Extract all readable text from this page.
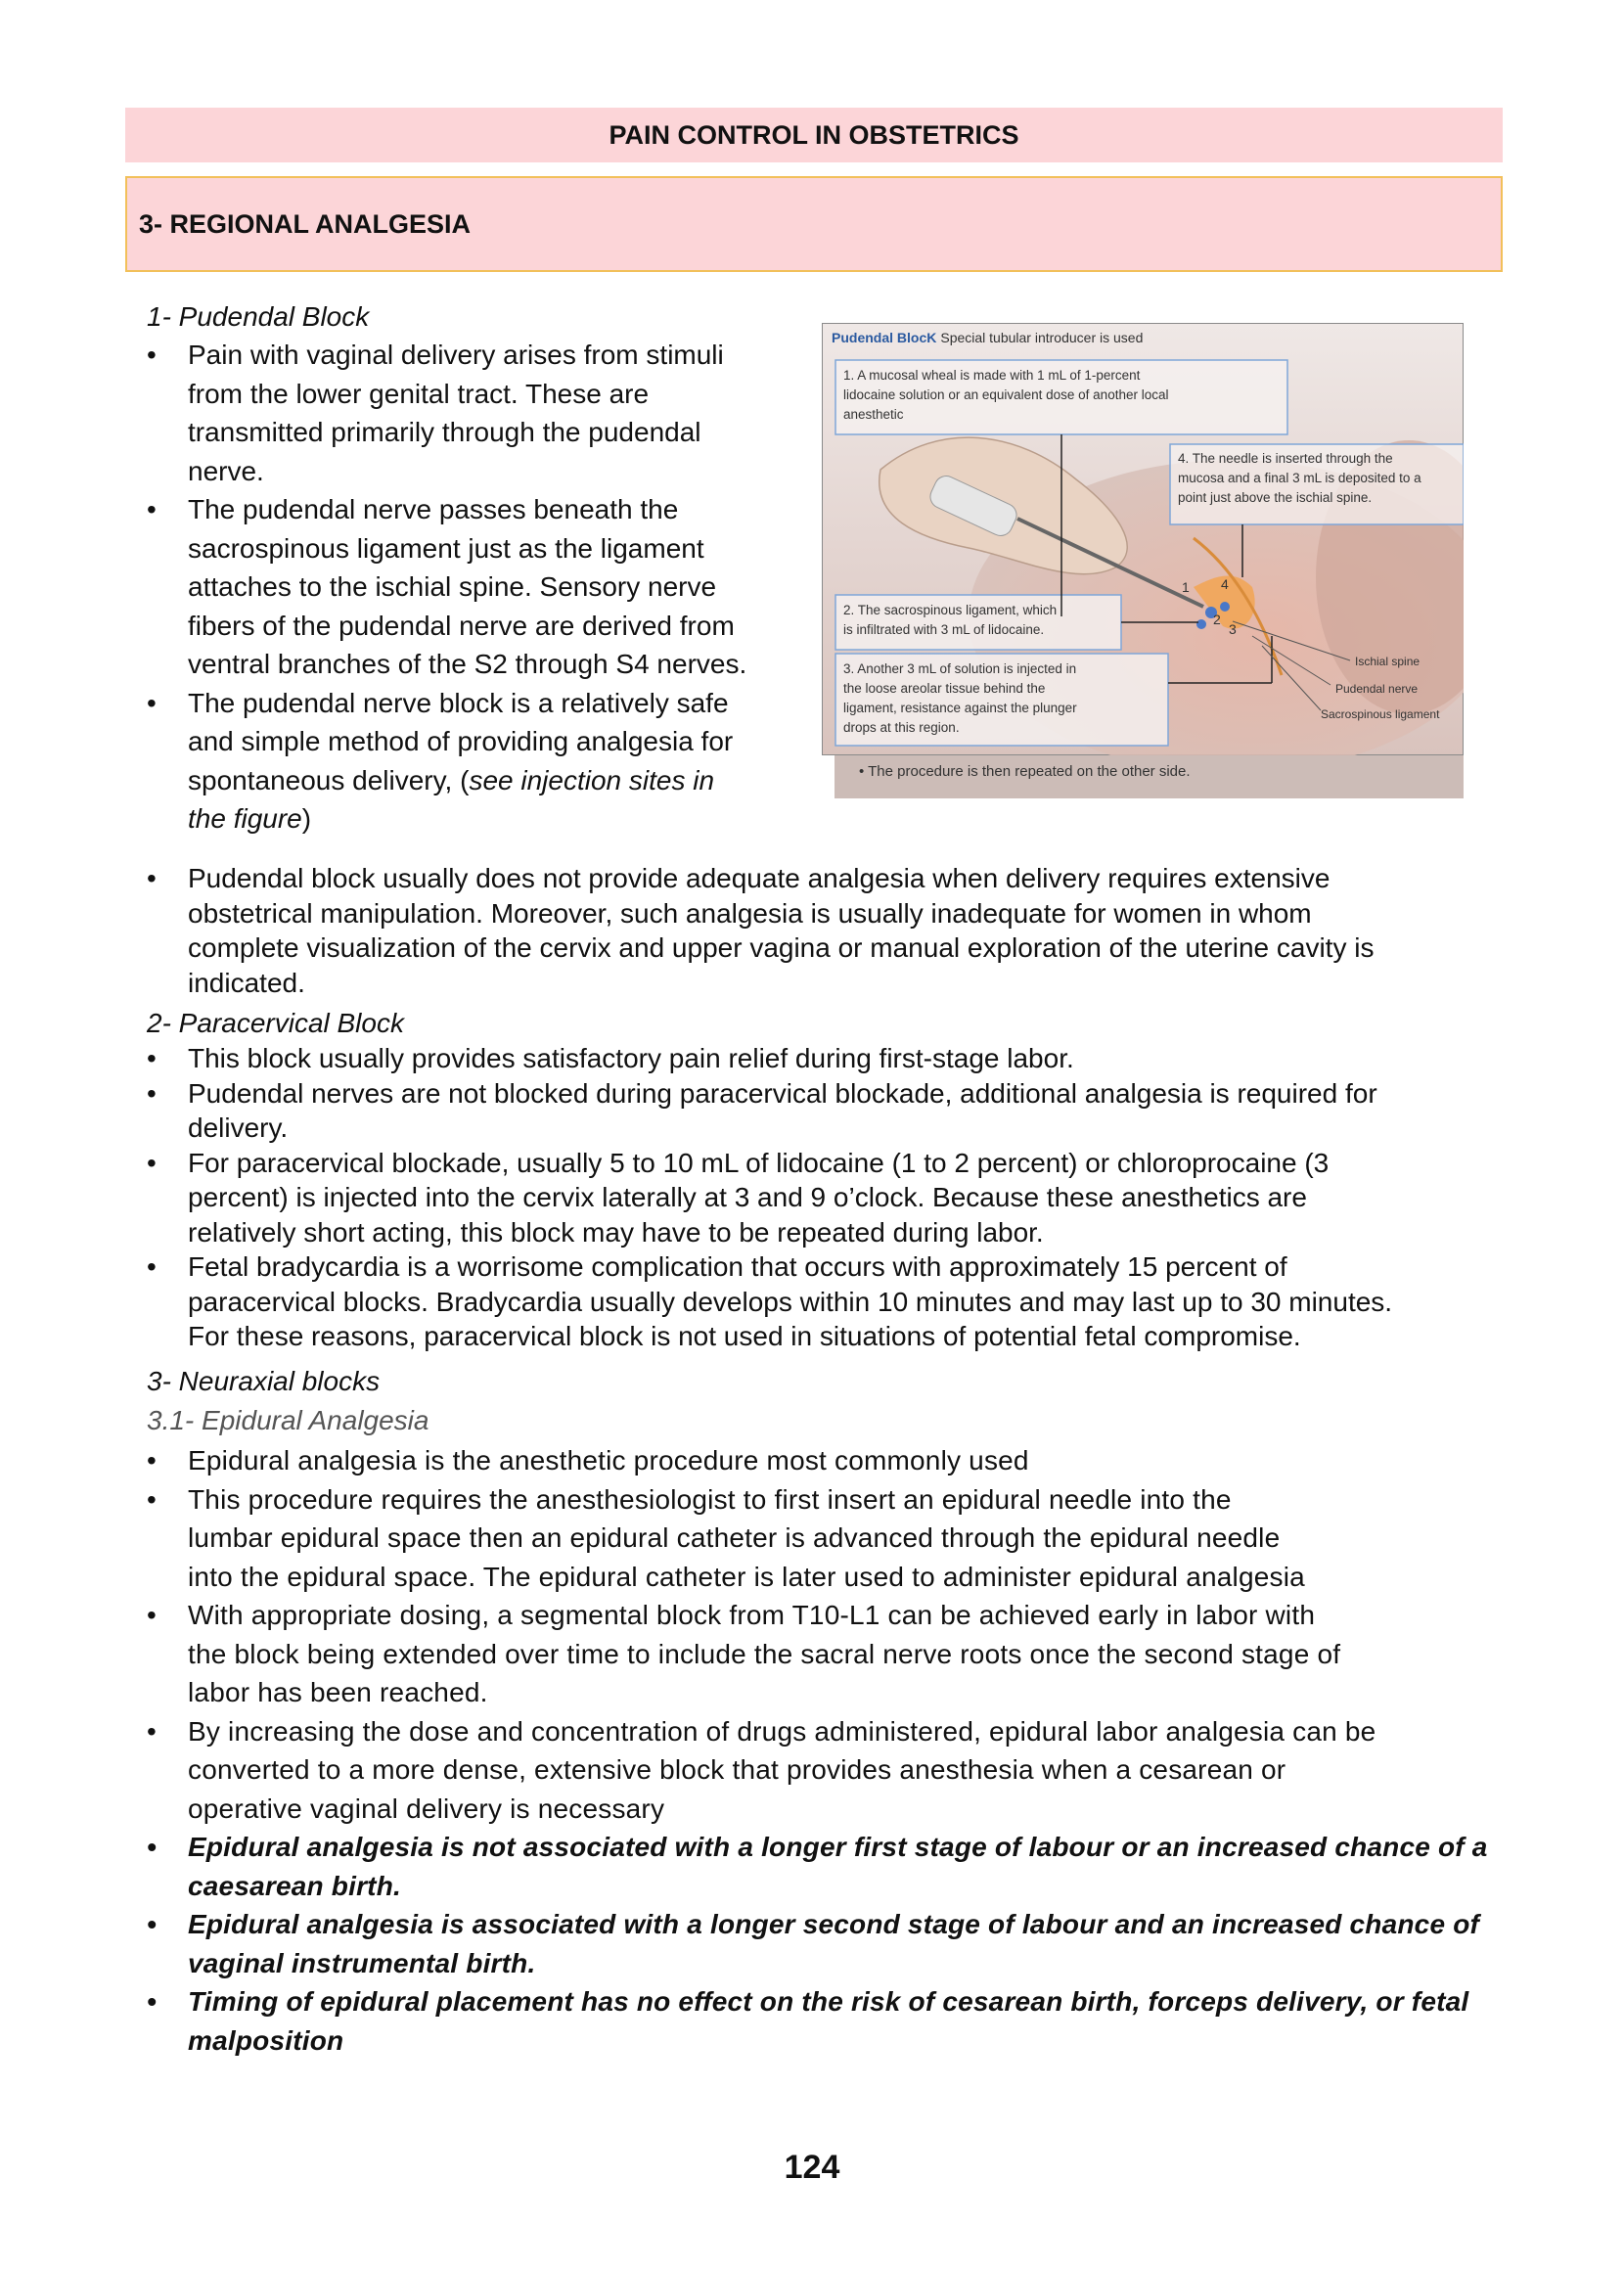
PAIN CONTROL IN OBSTETRICS
3- REGIONAL ANALGESIA
1- Pudendal Block
• Pain with vaginal delivery arises from stimuli
from the lower genital tract. These are
transmitted primarily through the pudendal
nerve.
• The pudendal nerve passes beneath the
sacrospinous ligament just as the ligament
attaches to the ischial spine. Sensory nerve
fibers of the pudendal nerve are derived from
ventral branches of the S2 through S4 nerves.
• The pudendal nerve block is a relatively safe
and simple method of providing analgesia for
spontaneous delivery, (see injection sites in
the figure)
• Pudendal block usually does not provide adequate analgesia when delivery requires extensive
obstetrical manipulation. Moreover, such analgesia is usually inadequate for women in whom
complete visualization of the cervix and upper vagina or manual exploration of the uterine cavity is
indicated.
Pudendal BlocK Special tubular introducer is used
1. A mucosal wheal is made with 1 mL of 1-percent lidocaine solution or an equivalent dose of another local anesthetic
4. The needle is inserted through the mucosa and a final 3 mL is deposited to a point just above the ischial spine.
2. The sacrospinous ligament, which is infiltrated with 3 mL of lidocaine.
3. Another 3 mL of solution is injected in the loose areolar tissue behind the ligament, resistance against the plunger drops at this region.
1
2
3
4
Ischial spine
Pudendal nerve
Sacrospinous ligament
• The procedure is then repeated on the other side.
2- Paracervical Block
• This block usually provides satisfactory pain relief during first-stage labor.
• Pudendal nerves are not blocked during paracervical blockade, additional analgesia is required for
delivery.
• For paracervical blockade, usually 5 to 10 mL of lidocaine (1 to 2 percent) or chloroprocaine (3
percent) is injected into the cervix laterally at 3 and 9 o’clock. Because these anesthetics are
relatively short acting, this block may have to be repeated during labor.
• Fetal bradycardia is a worrisome complication that occurs with approximately 15 percent of
paracervical blocks. Bradycardia usually develops within 10 minutes and may last up to 30 minutes.
For these reasons, paracervical block is not used in situations of potential fetal compromise.
3- Neuraxial blocks
3.1- Epidural Analgesia
• Epidural analgesia is the anesthetic procedure most commonly used
• This procedure requires the anesthesiologist to first insert an epidural needle into the
lumbar epidural space then an epidural catheter is advanced through the epidural needle
into the epidural space. The epidural catheter is later used to administer epidural analgesia
• With appropriate dosing, a segmental block from T10-L1 can be achieved early in labor with
the block being extended over time to include the sacral nerve roots once the second stage of
labor has been reached.
• By increasing the dose and concentration of drugs administered, epidural labor analgesia can be
converted to a more dense, extensive block that provides anesthesia when a cesarean or
operative vaginal delivery is necessary
• Epidural analgesia is not associated with a longer first stage of labour or an increased chance of a
caesarean birth.
• Epidural analgesia is associated with a longer second stage of labour and an increased chance of
vaginal instrumental birth.
• Timing of epidural placement has no effect on the risk of cesarean birth, forceps delivery, or fetal
malposition
124
